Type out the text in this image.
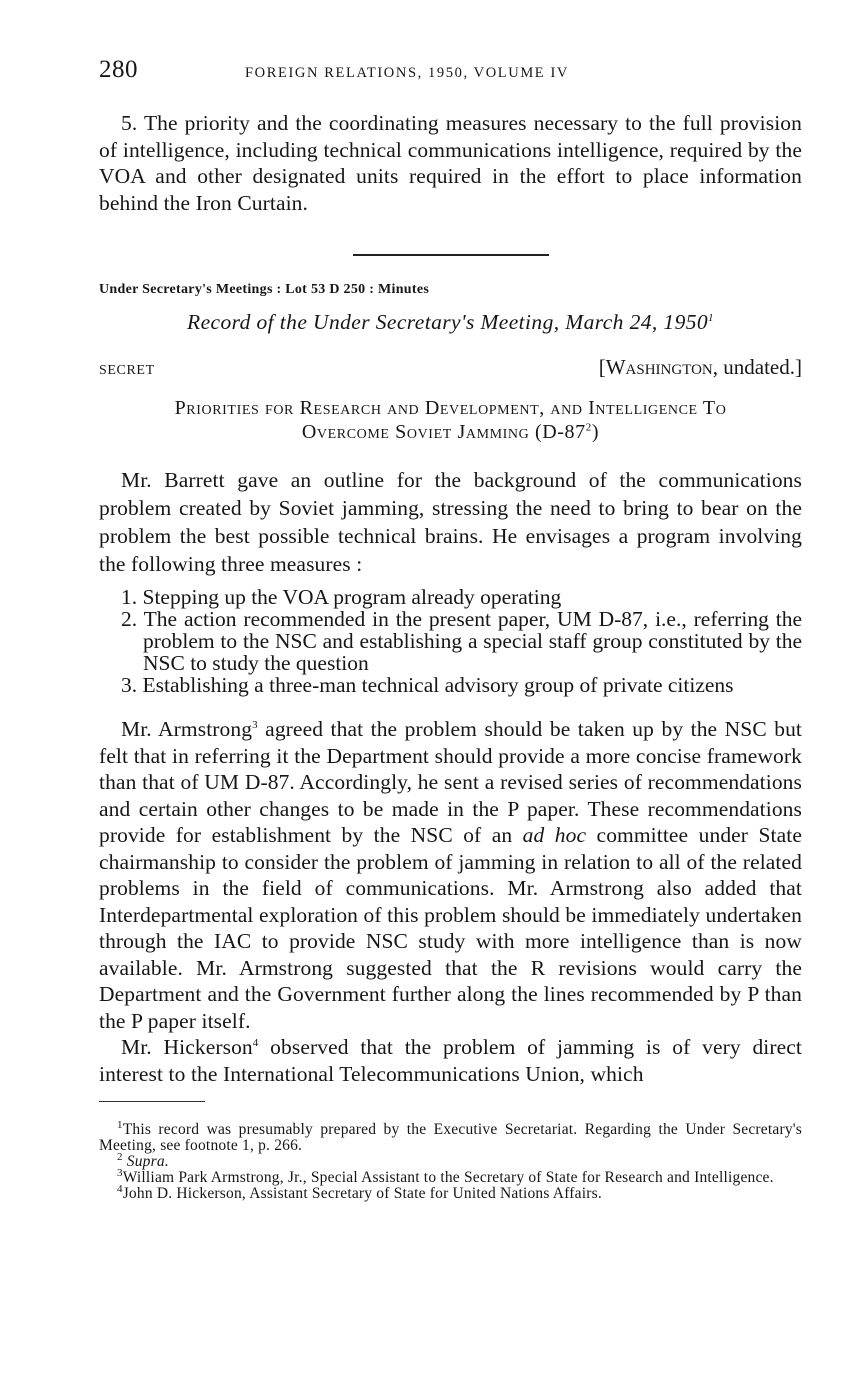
280	FOREIGN RELATIONS, 1950, VOLUME IV

5. The priority and the coordinating measures necessary to the full provision of intelligence, including technical communications intelligence, required by the VOA and other designated units required in the effort to place information behind the Iron Curtain.

Under Secretary's Meetings : Lot 53 D 250 : Minutes

Record of the Under Secretary's Meeting, March 24, 1950$^1$

SECRET	[Washington, undated.]
Priorities for Research and Development, and Intelligence To
Overcome Soviet Jamming $(D-87^2)$

Mr. Barrett gave an outline for the background of the communications problem created by Soviet jamming, stressing the need to bring to bear on the problem the best possible technical brains. He envisages a program involving the following three measures :

1. Stepping up the VOA program already operating

2. The action recommended in the present paper, UM D-87, i.e., referring the problem to the NSC and establishing a special staff group constituted by the NSC to study the question

3. Establishing a three-man technical advisory group of private citizens

Mr. Armstrong$^3$ agreed that the problem should be taken up by the NSC but felt that in referring it the Department should provide a more concise framework than that of UM D-87. Accordingly, he sent a revised series of recommendations and certain other changes to be made in the P paper. These recommendations provide for establishment by the NSC of an ad hoc committee under State chairmanship to consider the problem of jamming in relation to all of the related problems in the field of communications. Mr. Armstrong also added that Interdepartmental exploration of this problem should be immediately undertaken through the IAC to provide NSC study with more intelligence than is now available. Mr. Armstrong suggested that the R revisions would carry the Department and the Government further along the lines recommended by P than the P paper itself.

Mr. Hickerson$^4$ observed that the problem of jamming is of very direct interest to the International Telecommunications Union, which

$^1$This record was presumably prepared by the Executive Secretariat. Regarding the Under Secretary's Meeting, see footnote 1, p. 266.

$^2$ Supra.

$^3$William Park Armstrong, Jr., Special Assistant to the Secretary of State for Research and Intelligence.

$^4$John D. Hickerson, Assistant Secretary of State for United Nations Affairs.
